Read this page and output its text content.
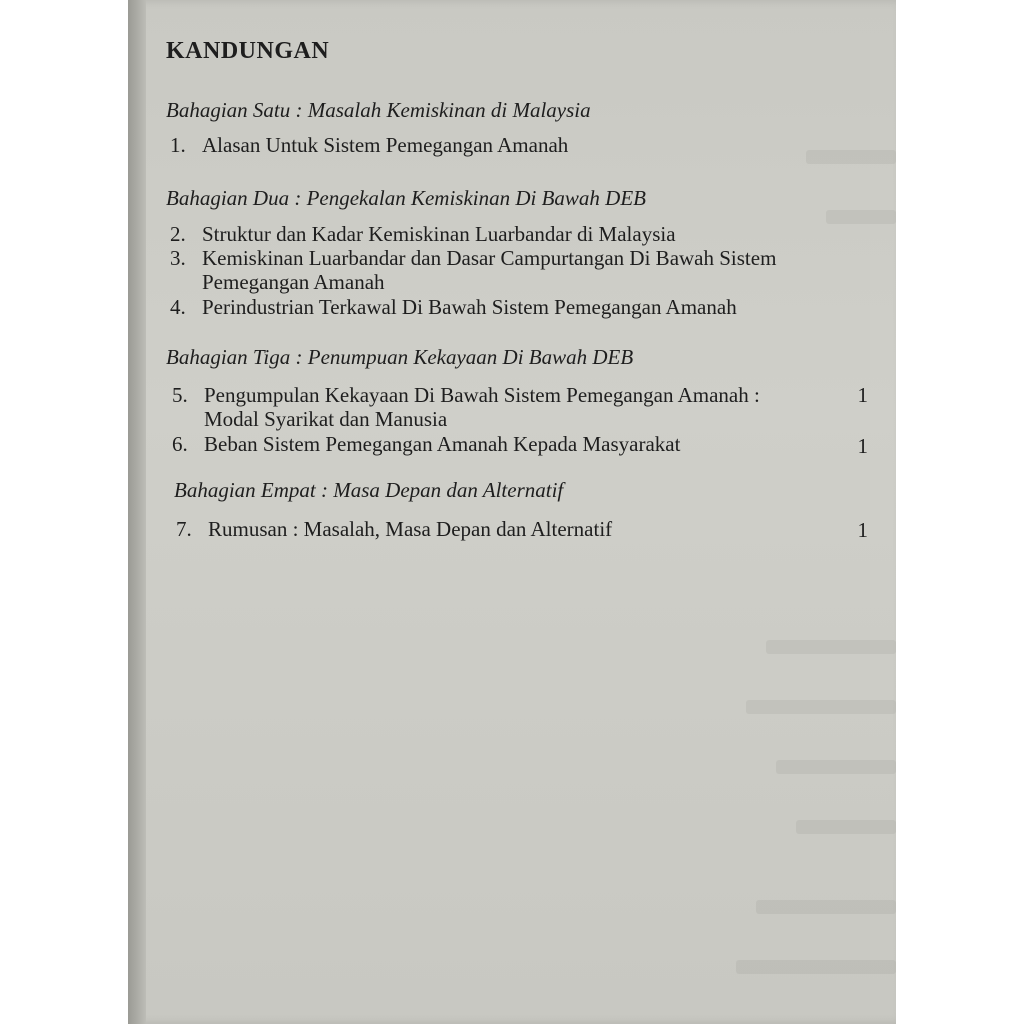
KANDUNGAN
Bahagian Satu : Masalah Kemiskinan di Malaysia
1. Alasan Untuk Sistem Pemegangan Amanah
Bahagian Dua : Pengekalan Kemiskinan Di Bawah DEB
2. Struktur dan Kadar Kemiskinan Luarbandar di Malaysia
3. Kemiskinan Luarbandar dan Dasar Campurtangan Di Bawah Sistem
Pemegangan Amanah
4. Perindustrian Terkawal Di Bawah Sistem Pemegangan Amanah
Bahagian Tiga : Penumpuan Kekayaan Di Bawah DEB
5. Pengumpulan Kekayaan Di Bawah Sistem Pemegangan Amanah :
Modal Syarikat dan Manusia
1
6. Beban Sistem Pemegangan Amanah Kepada Masyarakat	1
Bahagian Empat : Masa Depan dan Alternatif
7. Rumusan : Masalah, Masa Depan dan Alternatif	1
